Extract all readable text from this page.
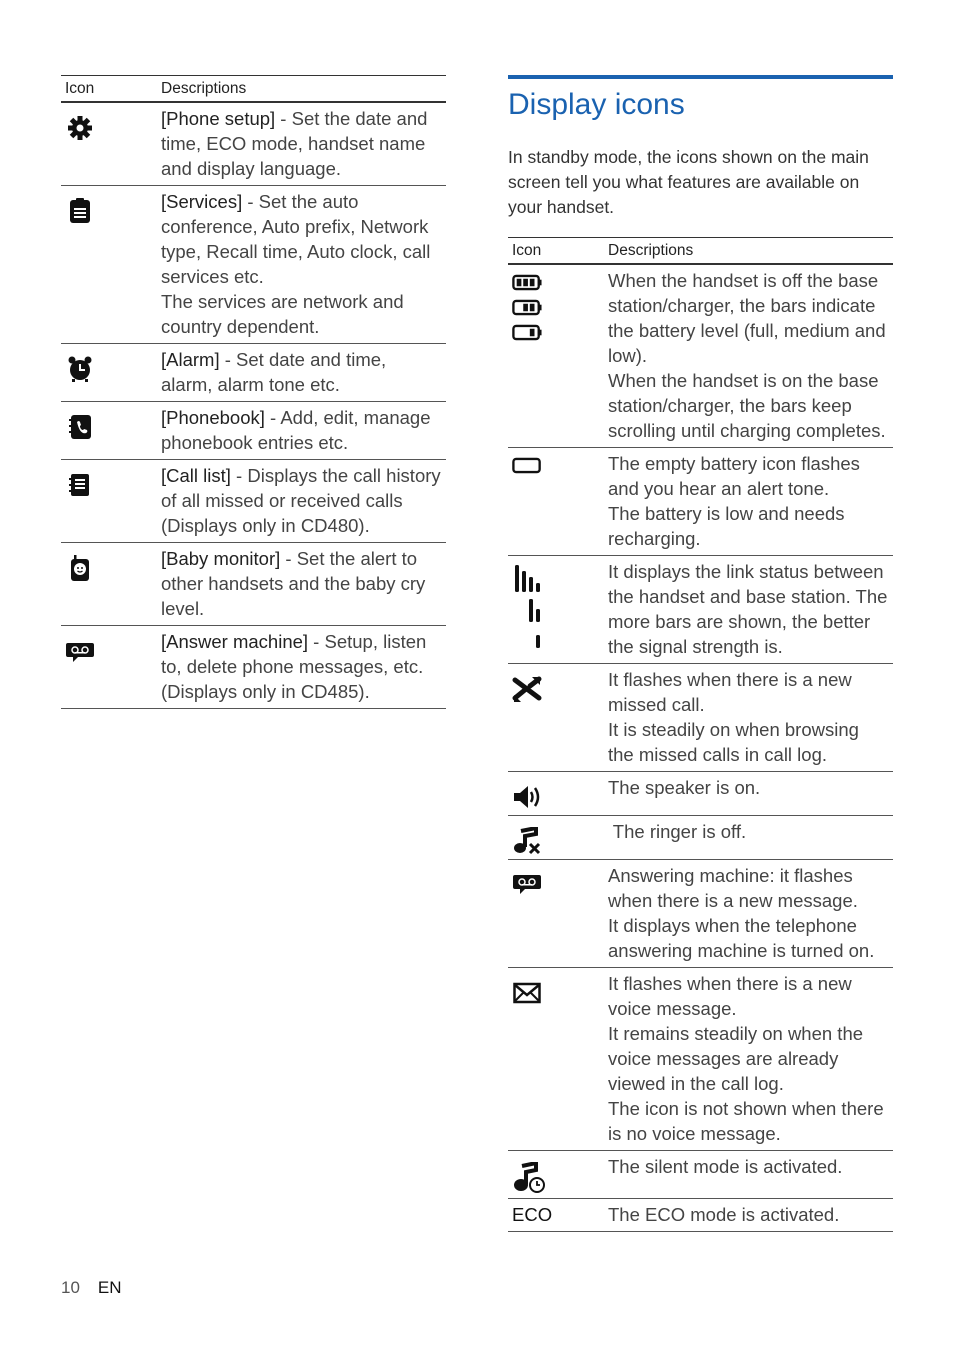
Icon	Descriptions

	[Phone setup] - Set the date and time, ECO mode, handset name and display language.

	[Services] - Set the auto conference, Auto prefix, Network type, Recall time, Auto clock, call services etc.
The services are network and country dependent.

	[Alarm] - Set date and time, alarm, alarm tone etc.

	[Phonebook] - Add, edit, manage phonebook entries etc.

	[Call list] - Displays the call history of all missed or received calls (Displays only in CD480).

	[Baby monitor] - Set the alert to other handsets and the baby cry level.

	[Answer machine] - Setup, listen to, delete phone messages, etc. (Displays only in CD485).
Display icons

In standby mode, the icons shown on the main screen tell you what features are available on your handset.

Icon	Descriptions

When the handset is off the base station/charger, the bars indicate the battery level (full, medium and low).
When the handset is on the base station/charger, the bars keep scrolling until charging completes.

The empty battery icon flashes and you hear an alert tone.
The battery is low and needs recharging.

It displays the link status between the handset and base station. The more bars are shown, the better the signal strength is.

It flashes when there is a new missed call.
It is steadily on when browsing the missed calls in call log.

The speaker is on.

The ringer is off.

Answering machine: it flashes when there is a new message.
It displays when the telephone answering machine is turned on.

It flashes when there is a new voice message.
It remains steadily on when the voice messages are already viewed in the call log.
The icon is not shown when there is no voice message.

The silent mode is activated.

ECO	The ECO mode is activated.
10 EN
